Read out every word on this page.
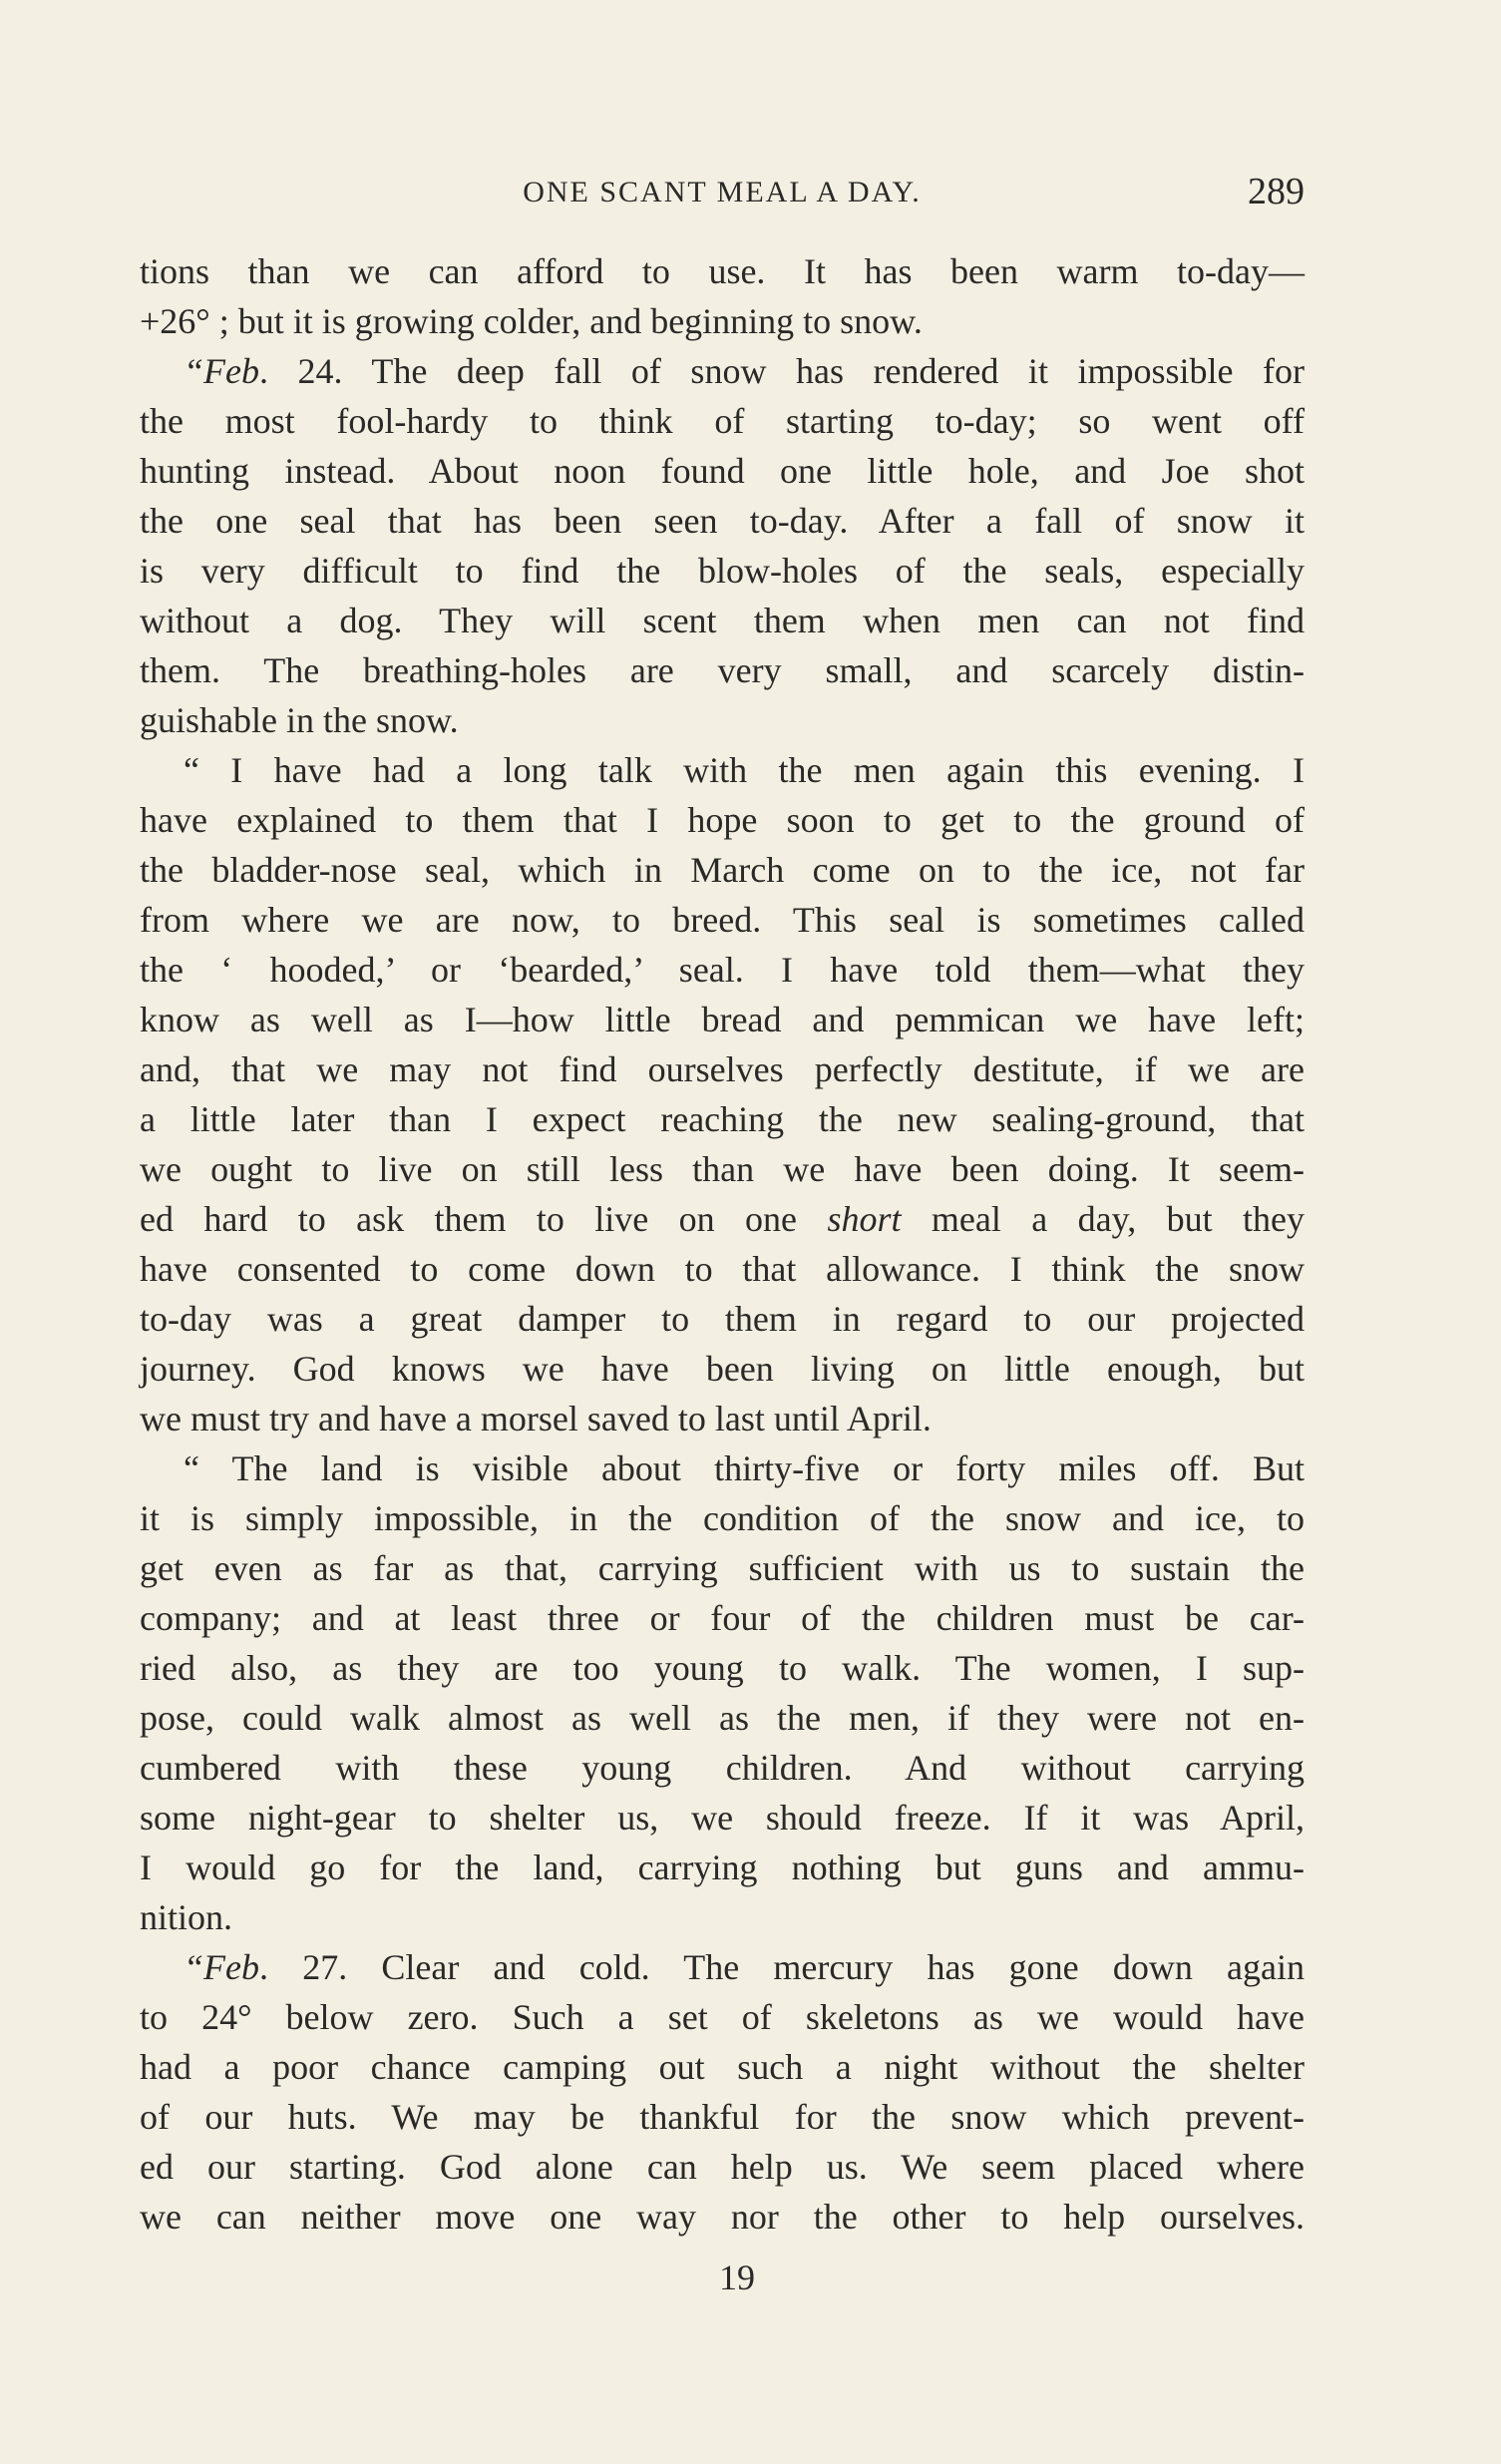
ONE SCANT MEAL A DAY.	289
tions than we can afford to use. It has been warm to-day—
+26° ; but it is growing colder, and beginning to snow.
“Feb. 24. The deep fall of snow has rendered it impossible for
the most fool-hardy to think of starting to-day; so went off
hunting instead. About noon found one little hole, and Joe shot
the one seal that has been seen to-day. After a fall of snow it
is very difficult to find the blow-holes of the seals, especially
without a dog. They will scent them when men can not find
them. The breathing-holes are very small, and scarcely distin-
guishable in the snow.
“ I have had a long talk with the men again this evening. I
have explained to them that I hope soon to get to the ground of
the bladder-nose seal, which in March come on to the ice, not far
from where we are now, to breed. This seal is sometimes called
the ‘ hooded,’ or ‘bearded,’ seal. I have told them—what they
know as well as I—how little bread and pemmican we have left;
and, that we may not find ourselves perfectly destitute, if we are
a little later than I expect reaching the new sealing-ground, that
we ought to live on still less than we have been doing. It seem-
ed hard to ask them to live on one short meal a day, but they
have consented to come down to that allowance. I think the snow
to-day was a great damper to them in regard to our projected
journey. God knows we have been living on little enough, but
we must try and have a morsel saved to last until April.
“ The land is visible about thirty-five or forty miles off. But
it is simply impossible, in the condition of the snow and ice, to
get even as far as that, carrying sufficient with us to sustain the
company; and at least three or four of the children must be car-
ried also, as they are too young to walk. The women, I sup-
pose, could walk almost as well as the men, if they were not en-
cumbered with these young children. And without carrying
some night-gear to shelter us, we should freeze. If it was April,
I would go for the land, carrying nothing but guns and ammu-
nition.
“Feb. 27. Clear and cold. The mercury has gone down again
to 24° below zero. Such a set of skeletons as we would have
had a poor chance camping out such a night without the shelter
of our huts. We may be thankful for the snow which prevent-
ed our starting. God alone can help us. We seem placed where
we can neither move one way nor the other to help ourselves.
19
